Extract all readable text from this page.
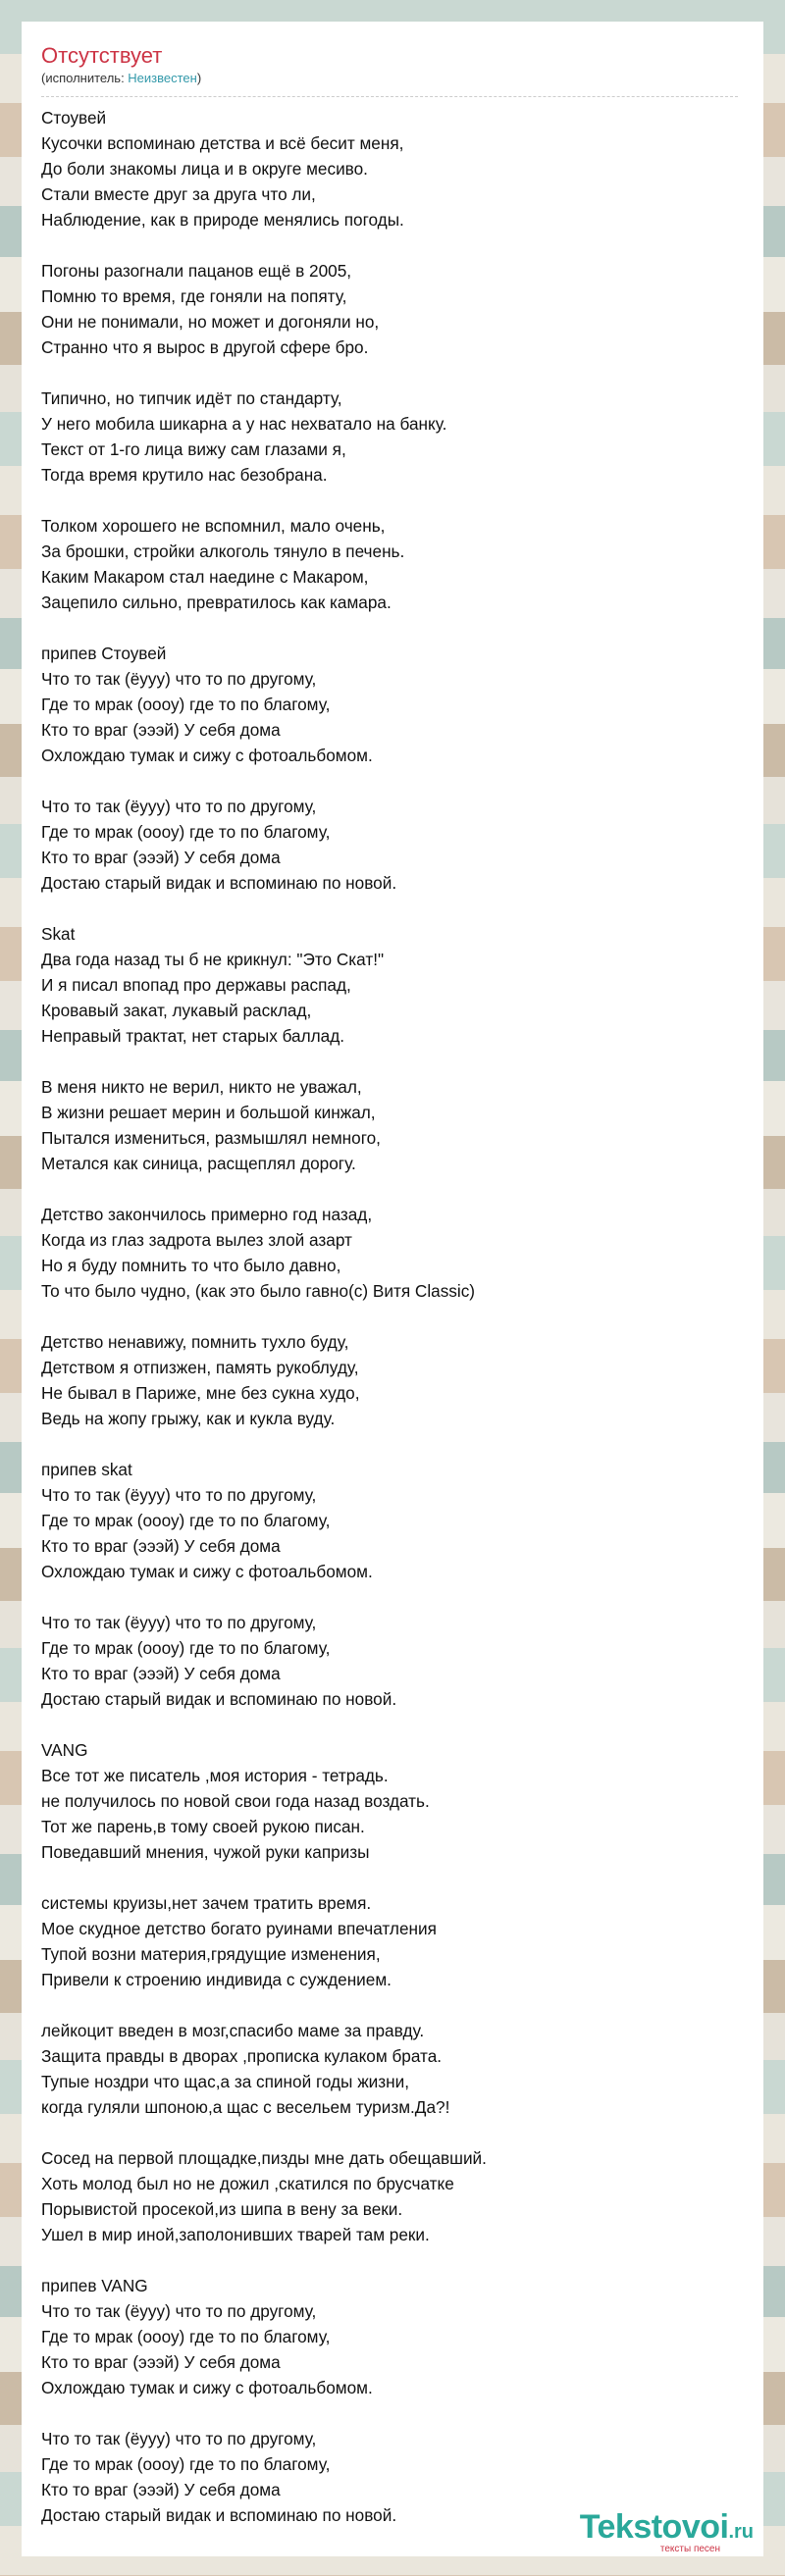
Отсутствует
(исполнитель: Неизвестен)
Стоувей
Кусочки вспоминаю детства и всё бесит меня,
До боли знакомы лица и в округе месиво.
Стали вместе друг за друга что ли,
Наблюдение, как в природе менялись погоды.
Погоны разогнали пацанов ещё в 2005,
Помню то время, где гоняли на попяту,
Они не понимали, но может и догоняли но,
Странно что я вырос в другой сфере бро.
Типично, но типчик идёт по стандарту,
У него мобила шикарна а у нас нехватало на банку.
Текст от 1-го лица вижу сам глазами я,
Тогда время крутило нас безобрана.
Толком хорошего не вспомнил, мало очень,
За брошки, стройки алкоголь тянуло в печень.
Каким Макаром стал наедине с Макаром,
Зацепило сильно, превратилось как камара.
припев Стоувей
Что то так (ёууу) что то по другому,
Где то мрак (оооу) где то по благому,
Кто то враг (эээй) У себя дома
Охлождаю тумак и сижу с фотоальбомом.
Что то так (ёууу) что то по другому,
Где то мрак (оооу) где то по благому,
Кто то враг (эээй) У себя дома
Достаю старый видак и вспоминаю по новой.
Skat
Два года назад ты б не крикнул: "Это Скат!"
И я писал впопад про державы распад,
Кровавый закат, лукавый расклад,
Неправый трактат, нет старых баллад.
В меня никто не верил, никто не уважал,
В жизни решает мерин и большой кинжал,
Пытался измениться, размышлял немного,
Метался как синица, расщеплял дорогу.
Детство закончилось примерно год назад,
Когда из глаз задрота вылез злой азарт
Но я буду помнить то что было давно,
То что было чудно, (как это было гавно(с) Витя Classic)
Детство ненавижу, помнить тухло буду,
Детством я отпизжен, память рукоблуду,
Не бывал в Париже, мне без сукна худо,
Ведь на жопу грыжу, как и кукла вуду.
припев skat
Что то так (ёууу) что то по другому,
Где то мрак (оооу) где то по благому,
Кто то враг (эээй) У себя дома
Охлождаю тумак и сижу с фотоальбомом.
Что то так (ёууу) что то по другому,
Где то мрак (оооу) где то по благому,
Кто то враг (эээй) У себя дома
Достаю старый видак и вспоминаю по новой.
VANG
Все тот же писатель ,моя история - тетрадь.
не получилось по новой свои года назад воздать.
Тот же парень,в тому своей рукою писан.
Поведавший мнения, чужой руки капризы
системы круизы,нет зачем тратить время.
Мое скудное детство богато руинами впечатления
Тупой возни материя,грядущие изменения,
Привели к строению индивида с суждением.
лейкоцит введен в мозг,спасибо маме за правду.
Защита правды в дворах ,прописка кулаком брата.
Тупые ноздри что щас,а за спиной годы жизни,
когда гуляли шпоною,а щас с весельем туризм.Да?!
Сосед на первой площадке,пизды мне дать обещавший.
Хоть молод был но не дожил ,скатился по брусчатке
Порывистой просекой,из шипа в вену за веки.
Ушел в мир иной,заполонивших тварей там реки.
припев VANG
Что то так (ёууу) что то по другому,
Где то мрак (оооу) где то по благому,
Кто то враг (эээй) У себя дома
Охлождаю тумак и сижу с фотоальбомом.
Что то так (ёууу) что то по другому,
Где то мрак (оооу) где то по благому,
Кто то враг (эээй) У себя дома
Достаю старый видак и вспоминаю по новой.	Tekstovoi.ru
тексты песен
